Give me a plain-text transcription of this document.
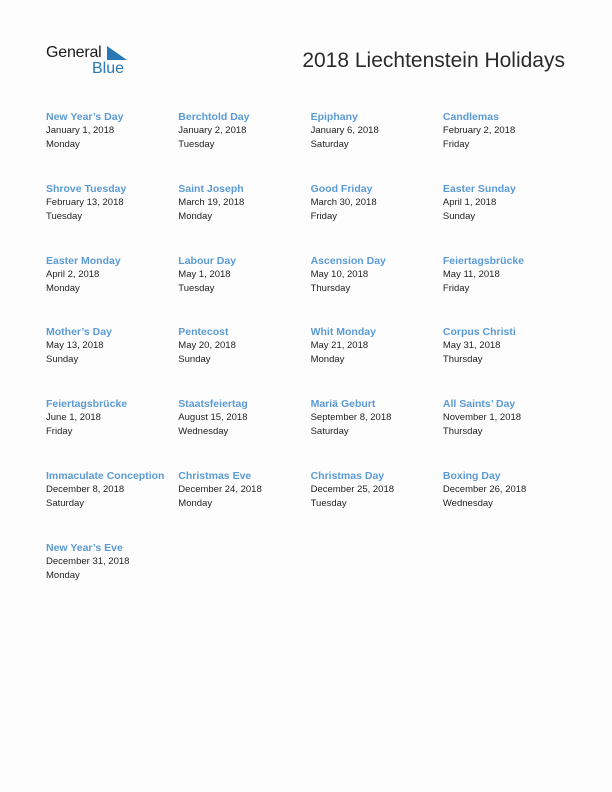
General
Blue	2018 Liechtenstein Holidays
New Year’s Day
January 1, 2018
Monday
Berchtold Day
January 2, 2018
Tuesday
Epiphany
January 6, 2018
Saturday
Candlemas
February 2, 2018
Friday
Shrove Tuesday
February 13, 2018
Tuesday
Saint Joseph
March 19, 2018
Monday
Good Friday
March 30, 2018
Friday
Easter Sunday
April 1, 2018
Sunday
Easter Monday
April 2, 2018
Monday
Labour Day
May 1, 2018
Tuesday
Ascension Day
May 10, 2018
Thursday
Feiertagsbrücke
May 11, 2018
Friday
Mother’s Day
May 13, 2018
Sunday
Pentecost
May 20, 2018
Sunday
Whit Monday
May 21, 2018
Monday
Corpus Christi
May 31, 2018
Thursday
Feiertagsbrücke
June 1, 2018
Friday
Staatsfeiertag
August 15, 2018
Wednesday
Mariä Geburt
September 8, 2018
Saturday
All Saints’ Day
November 1, 2018
Thursday
Immaculate Conception
December 8, 2018
Saturday
Christmas Eve
December 24, 2018
Monday
Christmas Day
December 25, 2018
Tuesday
Boxing Day
December 26, 2018
Wednesday
New Year’s Eve
December 31, 2018
Monday
